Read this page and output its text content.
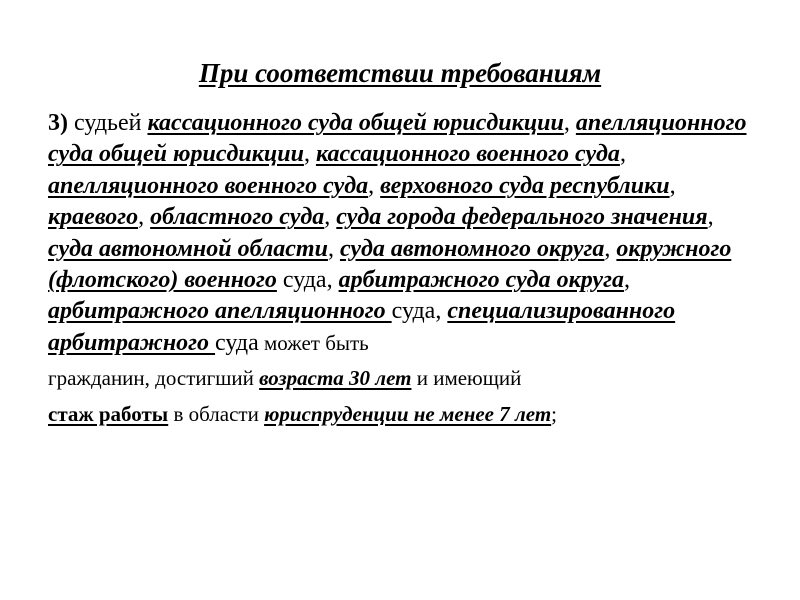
При соответствии требованиям
3) судьей кассационного суда общей юрисдикции, апелляционного суда общей юрисдикции, кассационного военного суда, апелляционного военного суда, верховного суда республики, краевого, областного суда, суда города федерального значения, суда автономной области, суда автономного округа, окружного (флотского) военного суда, арбитражного суда округа, арбитражного апелляционного суда, специализированного арбитражного суда может быть
гражданин, достигший возраста 30 лет и имеющий
стаж работы в области юриспруденции не менее 7 лет;
